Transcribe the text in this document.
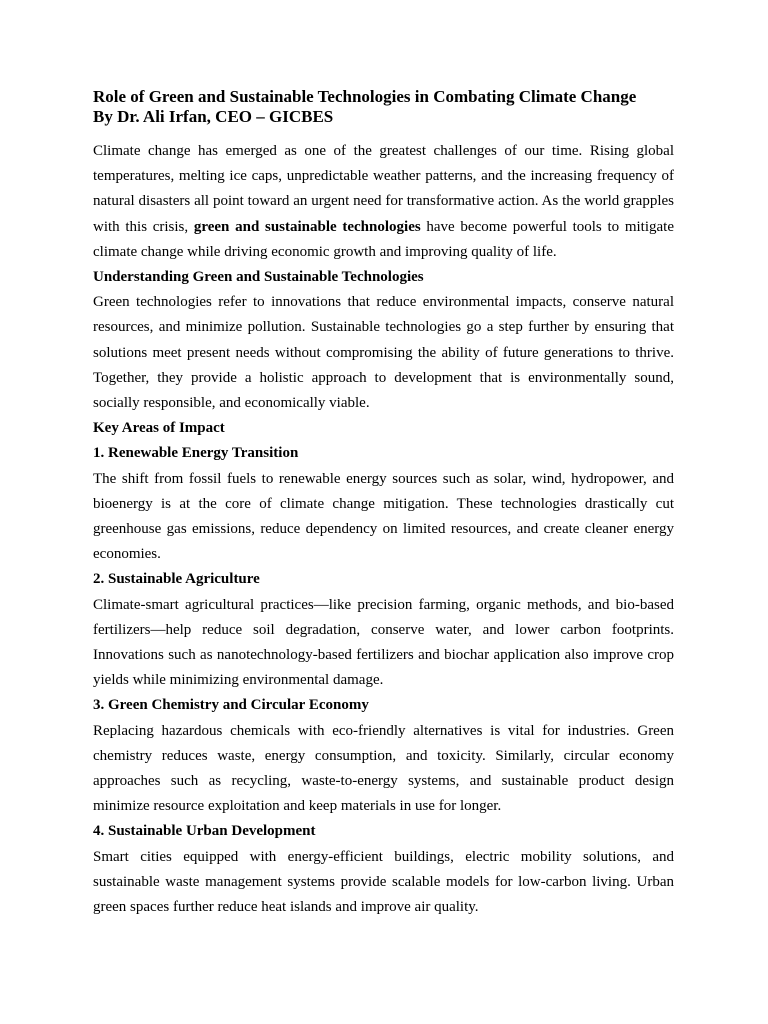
Role of Green and Sustainable Technologies in Combating Climate Change

By Dr. Ali Irfan, CEO – GICBES

Climate change has emerged as one of the greatest challenges of our time. Rising global temperatures, melting ice caps, unpredictable weather patterns, and the increasing frequency of natural disasters all point toward an urgent need for transformative action. As the world grapples with this crisis, green and sustainable technologies have become powerful tools to mitigate climate change while driving economic growth and improving quality of life.

Understanding Green and Sustainable Technologies

Green technologies refer to innovations that reduce environmental impacts, conserve natural resources, and minimize pollution. Sustainable technologies go a step further by ensuring that solutions meet present needs without compromising the ability of future generations to thrive. Together, they provide a holistic approach to development that is environmentally sound, socially responsible, and economically viable.

Key Areas of Impact

1. Renewable Energy Transition

The shift from fossil fuels to renewable energy sources such as solar, wind, hydropower, and bioenergy is at the core of climate change mitigation. These technologies drastically cut greenhouse gas emissions, reduce dependency on limited resources, and create cleaner energy economies.

2. Sustainable Agriculture

Climate-smart agricultural practices—like precision farming, organic methods, and bio-based fertilizers—help reduce soil degradation, conserve water, and lower carbon footprints. Innovations such as nanotechnology-based fertilizers and biochar application also improve crop yields while minimizing environmental damage.

3. Green Chemistry and Circular Economy

Replacing hazardous chemicals with eco-friendly alternatives is vital for industries. Green chemistry reduces waste, energy consumption, and toxicity. Similarly, circular economy approaches such as recycling, waste-to-energy systems, and sustainable product design minimize resource exploitation and keep materials in use for longer.

4. Sustainable Urban Development

Smart cities equipped with energy-efficient buildings, electric mobility solutions, and sustainable waste management systems provide scalable models for low-carbon living. Urban green spaces further reduce heat islands and improve air quality.
